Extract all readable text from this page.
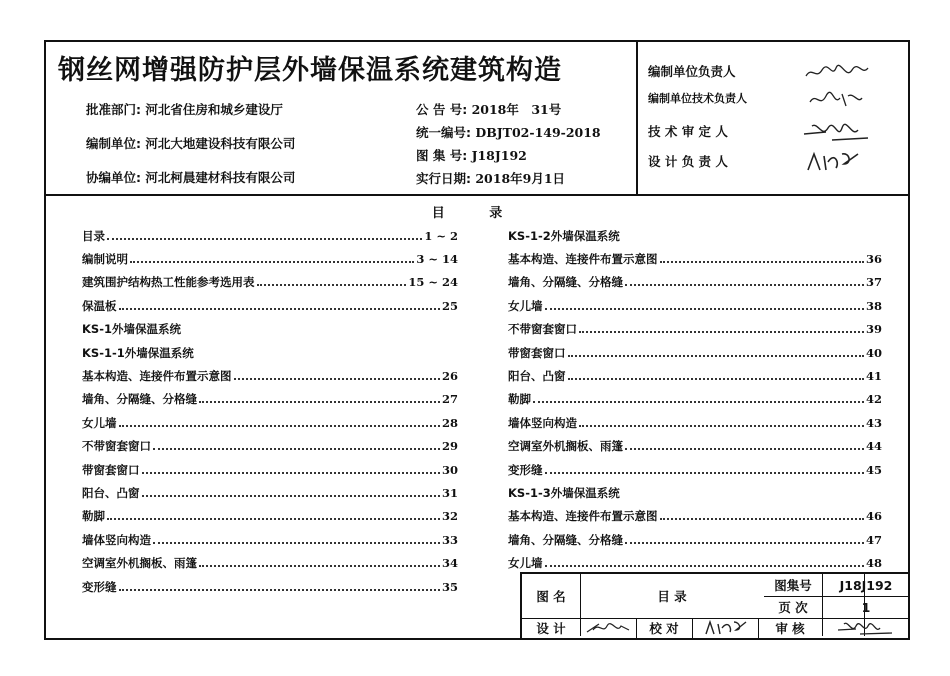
钢丝网增强防护层外墙保温系统建筑构造
批准部门: 河北省住房和城乡建设厅
编制单位: 河北大地建设科技有限公司
协编单位: 河北柯晨建材科技有限公司
公 告 号: 2018年　31号
统一编号: DBJT02-149-2018
图 集 号: J18J192
实行日期: 2018年9月1日
编制单位负责人
编制单位技术负责人
技 术 审 定 人
设 计 负 责 人
目 录
目录	1 ~ 2
编制说明	3 ~ 14
建筑围护结构热工性能参考选用表	15 ~ 24
保温板	25
KS-1外墙保温系统
KS-1-1外墙保温系统
基本构造、连接件布置示意图	26
墙角、分隔缝、分格缝	27
女儿墙	28
不带窗套窗口	29
带窗套窗口	30
阳台、凸窗	31
勒脚	32
墙体竖向构造	33
空调室外机搁板、雨篷	34
变形缝	35
KS-1-2外墙保温系统
基本构造、连接件布置示意图	36
墙角、分隔缝、分格缝	37
女儿墙	38
不带窗套窗口	39
带窗套窗口	40
阳台、凸窗	41
勒脚	42
墙体竖向构造	43
空调室外机搁板、雨篷	44
变形缝	45
KS-1-3外墙保温系统
基本构造、连接件布置示意图	46
墙角、分隔缝、分格缝	47
女儿墙	48
图 名	目 录
图集号	J18J192
页 次	1
设 计	校 对	审 核
